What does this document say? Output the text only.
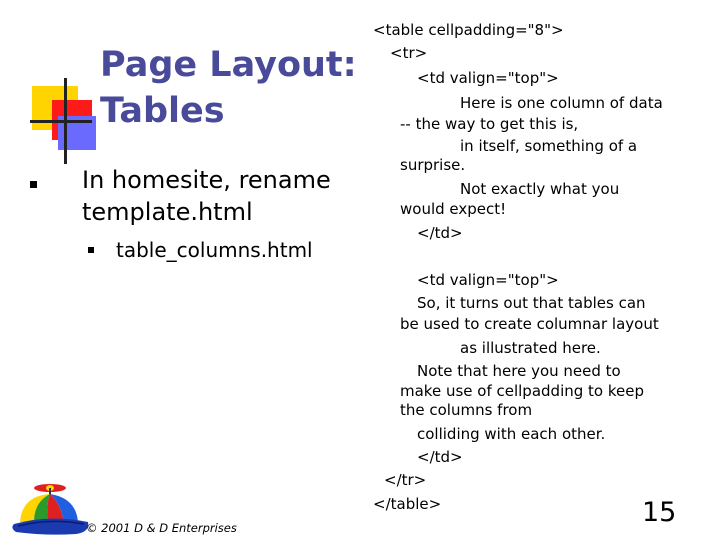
Page Layout:
Tables

In homesite, rename
template.html

table_columns.html

<table cellpadding="8">
<tr>
<td valign="top">
Here is one column of data
-- the way to get this is,
in itself, something of a
surprise.
Not exactly what you
would expect!
</td>
<td valign="top">
So, it turns out that tables can
be used to create columnar layout
as illustrated here.
Note that here you need to
make use of cellpadding to keep
the columns from
colliding with each other.
</td>
</tr>
</table>
© 2001 D & D Enterprises	15
